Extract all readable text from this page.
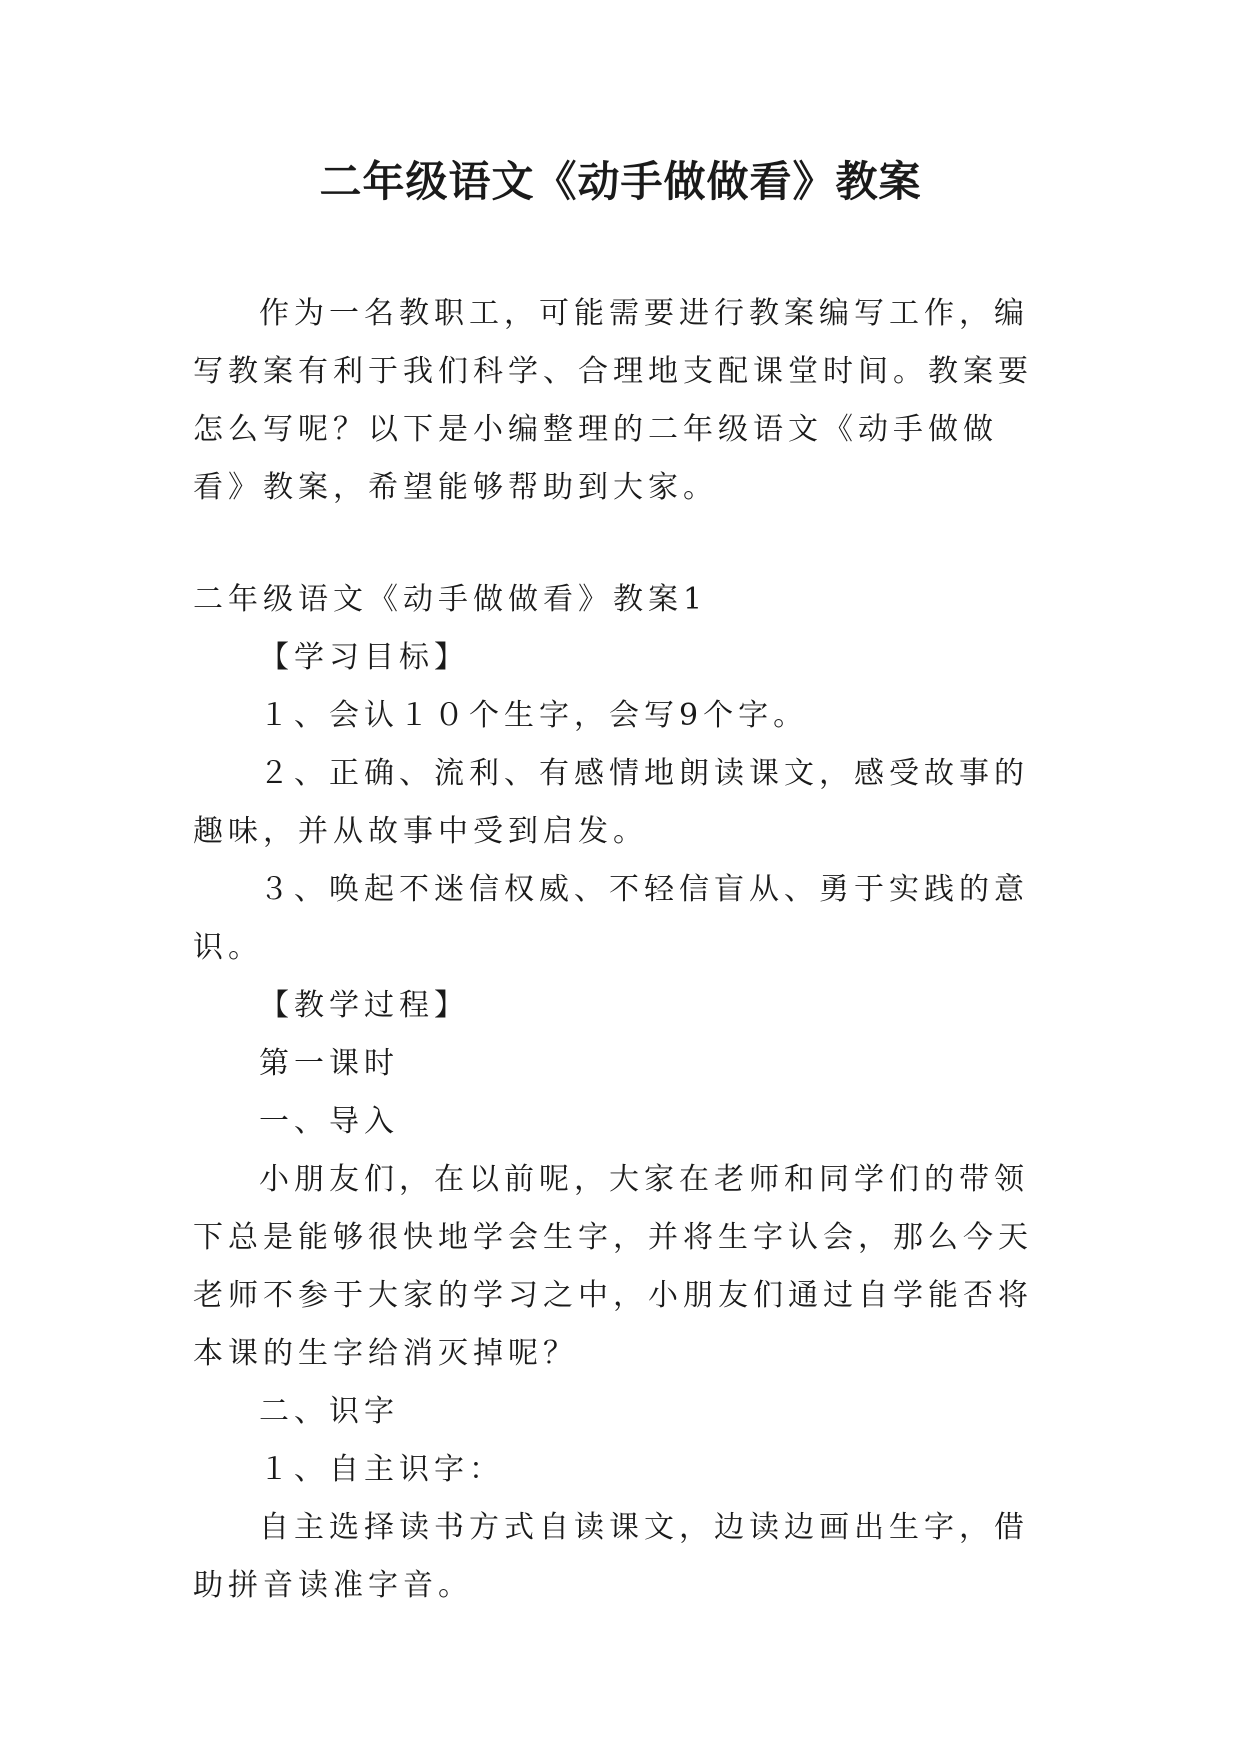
二年级语文《动手做做看》教案

作为一名教职工，可能需要进行教案编写工作，编写教案有利于我们科学、合理地支配课堂时间。教案要怎么写呢？以下是小编整理的二年级语文《动手做做看》教案，希望能够帮助到大家。

二年级语文《动手做做看》教案1

【学习目标】

１、会认１０个生字，会写9个字。

２、正确、流利、有感情地朗读课文，感受故事的趣味，并从故事中受到启发。

３、唤起不迷信权威、不轻信盲从、勇于实践的意识。

【教学过程】

第一课时

一、导入

小朋友们，在以前呢，大家在老师和同学们的带领下总是能够很快地学会生字，并将生字认会，那么今天老师不参于大家的学习之中，小朋友们通过自学能否将本课的生字给消灭掉呢？

二、识字

１、自主识字：

自主选择读书方式自读课文，边读边画出生字，借助拼音读准字音。
